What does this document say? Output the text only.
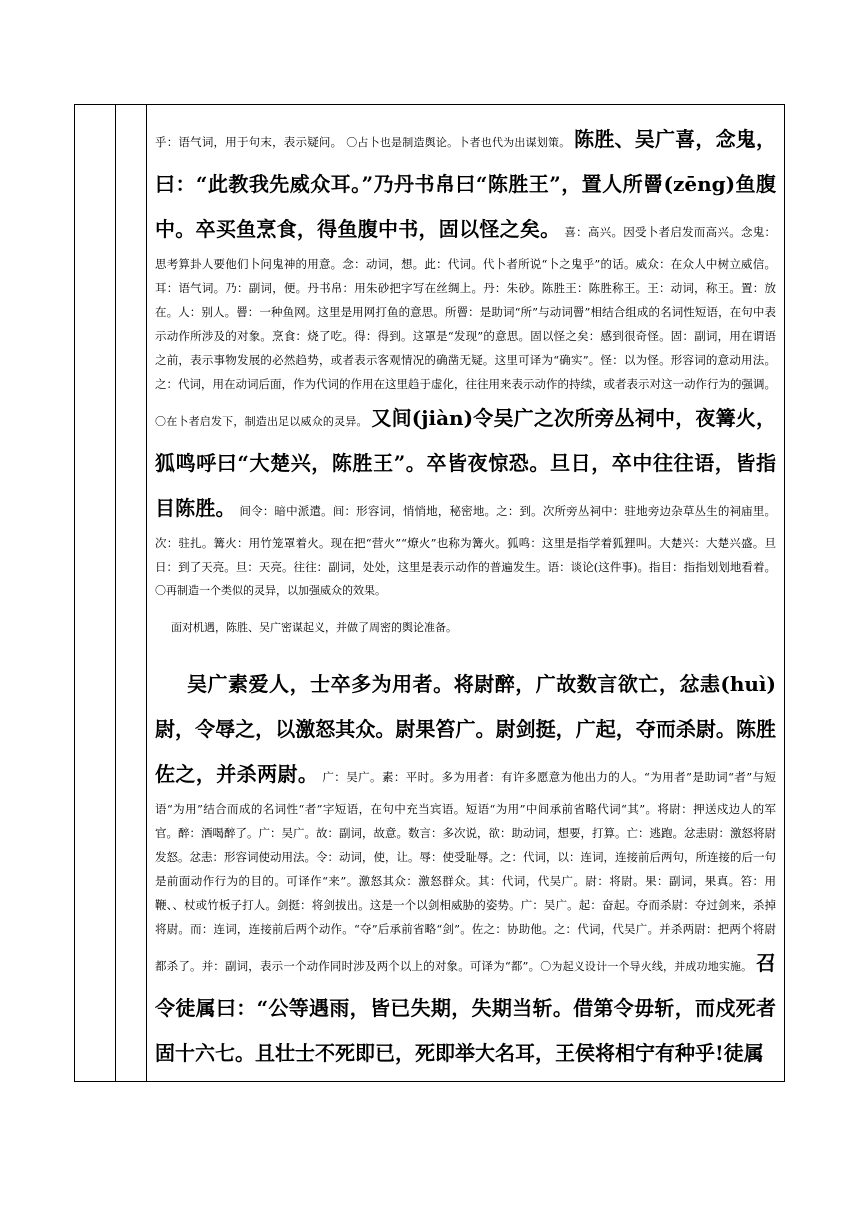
乎：语气词，用于句末，表示疑问。 〇占卜也是制造舆论。卜者也代为出谋划策。 陈胜、吴广喜，念鬼，曰：“此教我先威众耳。”乃丹书帛曰“陈胜王”，置人所罾(zēng)鱼腹中。卒买鱼烹食，得鱼腹中书，固以怪之矣。 喜：高兴。因受卜者启发而高兴。念鬼：思考算卦人要他们卜问鬼神的用意。念：动词，想。此：代词。代卜者所说“卜之鬼乎”的话。威众：在众人中树立威信。耳：语气词。乃：副词，便。丹书帛：用朱砂把字写在丝绸上。丹：朱砂。陈胜王：陈胜称王。王：动词，称王。置：放在。人：别人。罾：一种鱼网。这里是用网打鱼的意思。所罾：是助词“所”与动词罾”相结合组成的名词性短语，在句中表示动作所涉及的对象。烹食：烧了吃。得：得到。这罩是“发现”的意思。固以怪之矣：感到很奇怪。固：副词，用在谓语之前，表示事物发展的必然趋势，或者表示客观情况的确凿无疑。这里可译为“确实”。怪：以为怪。形容词的意动用法。之：代词，用在动词后面，作为代词的作用在这里趋于虚化，往往用来表示动作的持续，或者表示对这一动作行为的强调。 〇在卜者启发下，制造出足以威众的灵异。 又间(jiàn)令吴广之次所旁丛祠中，夜篝火，狐鸣呼曰“大楚兴，陈胜王”。卒皆夜惊恐。旦日，卒中往往语，皆指目陈胜。 间令：暗中派遣。间：形容词，悄悄地，秘密地。之：到。次所旁丛祠中：驻地旁边杂草丛生的祠庙里。次：驻扎。篝火：用竹笼罩着火。现在把“营火”“燎火”也称为篝火。狐鸣：这里是指学着狐狸叫。大楚兴：大楚兴盛。旦日：到了天亮。旦：天亮。往往：副词，处处，这里是表示动作的普遍发生。语：谈论(这件事)。指目：指指划划地看着。〇再制造一个类似的灵异，以加强威众的效果。

面对机遇，陈胜、吴广密谋起义，并做了周密的舆论准备。

吴广素爱人，士卒多为用者。将尉醉，广故数言欲亡，忿恚(huì)尉，令辱之，以激怒其众。尉果笞广。尉剑挺，广起，夺而杀尉。陈胜佐之，并杀两尉。 广：吴广。素：平时。多为用者：有许多愿意为他出力的人。“为用者”是助词“者”与短语“为用”结合而成的名词性“者”字短语，在句中充当宾语。短语“为用”中间承前省略代词“其”。将尉：押送戍边人的军官。醉：酒喝醉了。广：吴广。故：副词，故意。数言：多次说，欲：助动词，想要，打算。亡：逃跑。忿恚尉：激怒将尉发怒。忿恚：形容词使动用法。令：动词，使，让。辱：使受耻辱。之：代词，以：连词，连接前后两句，所连接的后一句是前面动作行为的目的。可译作“来”。激怒其众：激怒群众。其：代词，代吴广。尉：将尉。果：副词，果真。笞：用鞭、、杖或竹板子打人。剑挺：将剑拔出。这是一个以剑相威胁的姿势。广：吴广。起：奋起。夺而杀尉：夺过剑来，杀掉将尉。而：连词，连接前后两个动作。“夺”后承前省略“剑”。佐之：协助他。之：代词，代吴广。并杀两尉：把两个将尉都杀了。并：副词，表示一个动作同时涉及两个以上的对象。可译为“都”。〇为起义设计一个导火线，并成功地实施。 召令徒属曰：“公等遇雨，皆已失期，失期当斩。借第令毋斩，而戍死者固十六七。且壮士不死即已，死即举大名耳，王侯将相宁有种乎!徒属
